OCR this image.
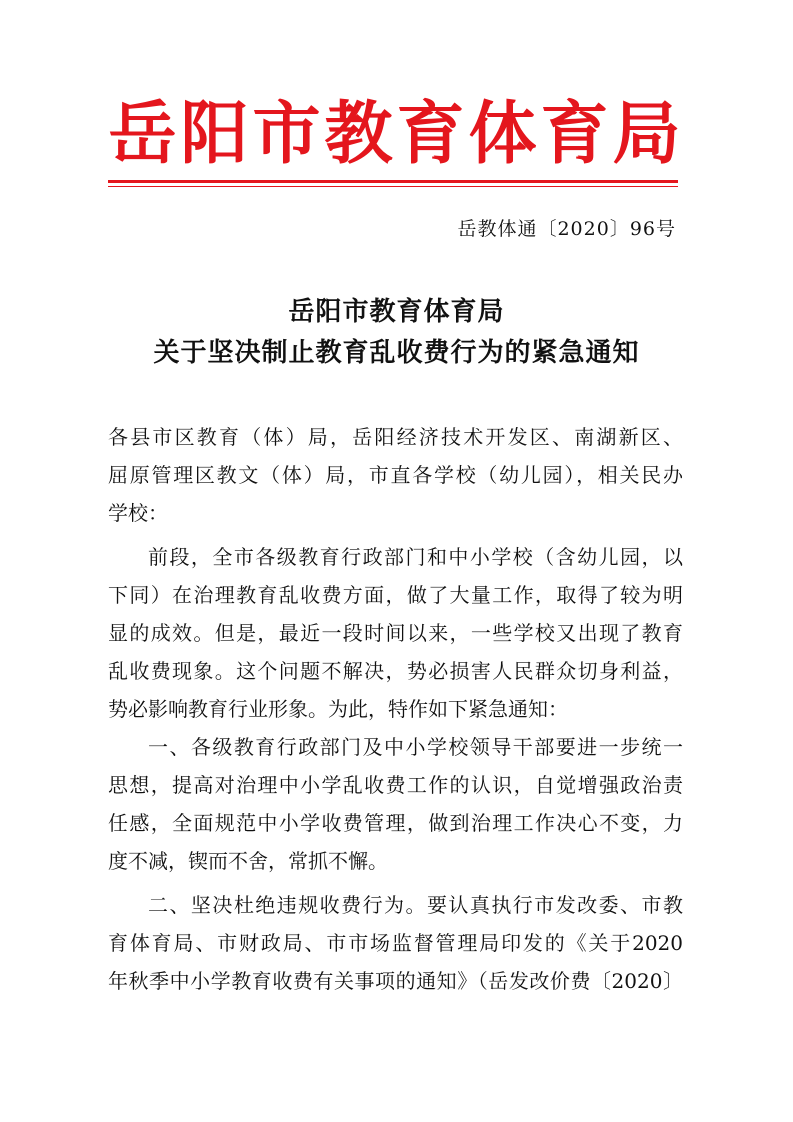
岳阳市教育体育局
岳教体通〔2020〕96号
岳阳市教育体育局
关于坚决制止教育乱收费行为的紧急通知
各县市区教育（体）局，岳阳经济技术开发区、南湖新区、
屈原管理区教文（体）局，市直各学校（幼儿园），相关民办
学校：
前段，全市各级教育行政部门和中小学校（含幼儿园，以
下同）在治理教育乱收费方面，做了大量工作，取得了较为明
显的成效。但是，最近一段时间以来，一些学校又出现了教育
乱收费现象。这个问题不解决，势必损害人民群众切身利益，
势必影响教育行业形象。为此，特作如下紧急通知：
一、各级教育行政部门及中小学校领导干部要进一步统一
思想，提高对治理中小学乱收费工作的认识，自觉增强政治责
任感，全面规范中小学收费管理，做到治理工作决心不变，力
度不减，锲而不舍，常抓不懈。
二、坚决杜绝违规收费行为。要认真执行市发改委、市教
育体育局、市财政局、市市场监督管理局印发的《关于2020
年秋季中小学教育收费有关事项的通知》（岳发改价费〔2020〕
